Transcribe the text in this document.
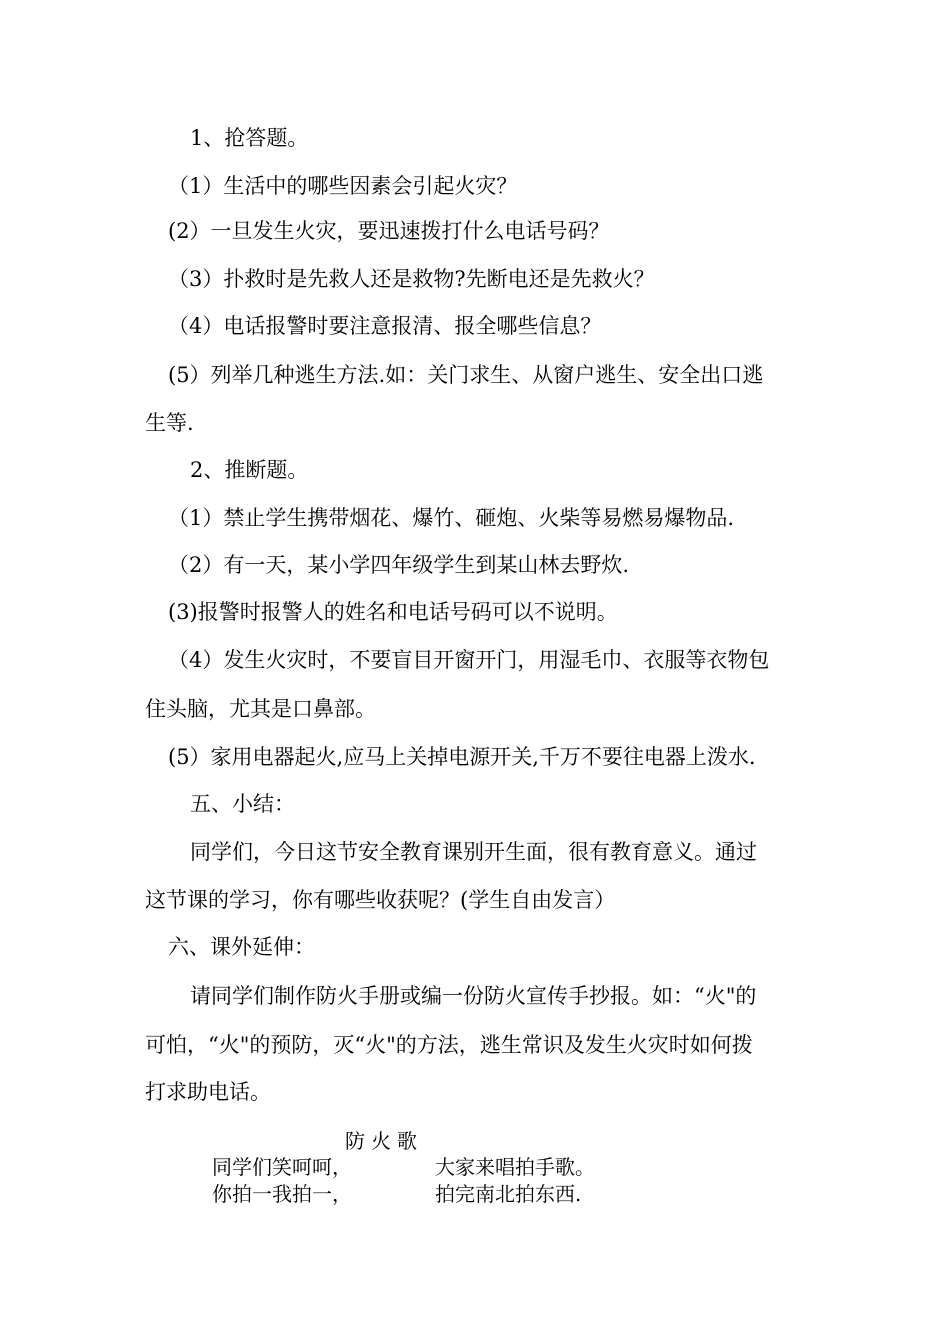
1、抢答题。
（1）生活中的哪些因素会引起火灾？
(2）一旦发生火灾，要迅速拨打什么电话号码？
（3）扑救时是先救人还是救物?先断电还是先救火？
（4）电话报警时要注意报清、报全哪些信息？
(5）列举几种逃生方法.如：关门求生、从窗户逃生、安全出口逃
生等.
2、推断题。
（1）禁止学生携带烟花、爆竹、砸炮、火柴等易燃易爆物品.
（2）有一天，某小学四年级学生到某山林去野炊.
(3)报警时报警人的姓名和电话号码可以不说明。
（4）发生火灾时，不要盲目开窗开门，用湿毛巾、衣服等衣物包
住头脑，尤其是口鼻部。
(5）家用电器起火,应马上关掉电源开关,千万不要往电器上泼水.
五、小结：
同学们，今日这节安全教育课别开生面，很有教育意义。通过
这节课的学习，你有哪些收获呢？(学生自由发言）
六、课外延伸：
请同学们制作防火手册或编一份防火宣传手抄报。如：“火"的
可怕，“火"的预防，灭“火"的方法，逃生常识及发生火灾时如何拨
打求助电话。
防火歌
同学们笑呵呵，	大家来唱拍手歌。
你拍一我拍一，	拍完南北拍东西.
